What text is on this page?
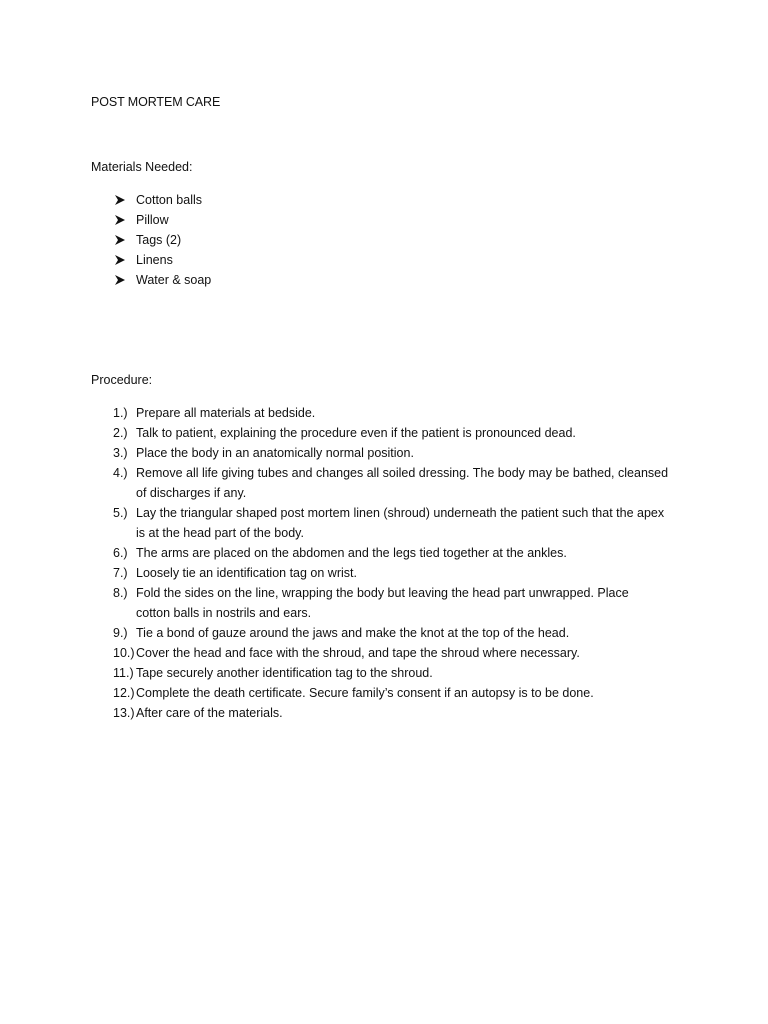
POST MORTEM CARE
Materials Needed:
Cotton balls
Pillow
Tags (2)
Linens
Water & soap
Procedure:
1.) Prepare all materials at bedside.
2.) Talk to patient, explaining the procedure even if the patient is pronounced dead.
3.) Place the body in an anatomically normal position.
4.) Remove all life giving tubes and changes all soiled dressing. The body may be bathed, cleansed
of discharges if any.
5.) Lay the triangular shaped post mortem linen (shroud) underneath the patient such that the apex
is at the head part of the body.
6.) The arms are placed on the abdomen and the legs tied together at the ankles.
7.) Loosely tie an identification tag on wrist.
8.) Fold the sides on the line, wrapping the body but leaving the head part unwrapped. Place
cotton balls in nostrils and ears.
9.) Tie a bond of gauze around the jaws and make the knot at the top of the head.
10.) Cover the head and face with the shroud, and tape the shroud where necessary.
11.) Tape securely another identification tag to the shroud.
12.) Complete the death certificate. Secure family’s consent if an autopsy is to be done.
13.) After care of the materials.
